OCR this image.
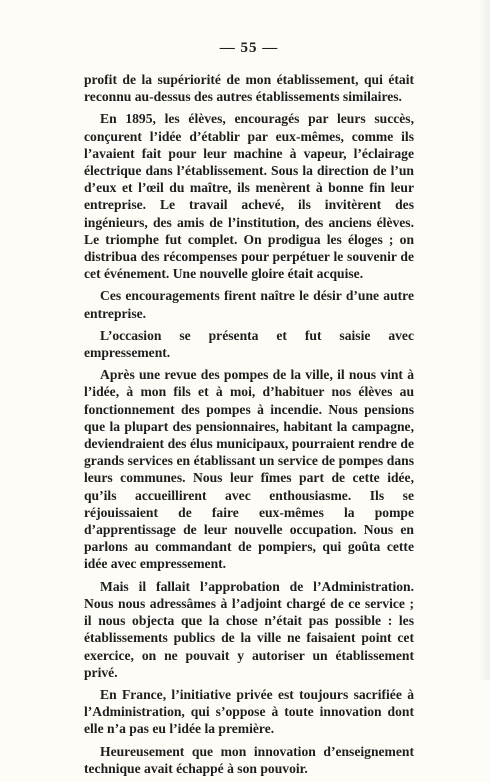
— 55 —

profit de la supériorité de mon établissement, qui était reconnu au-dessus des autres établissements similaires.

En 1895, les élèves, encouragés par leurs succès, conçurent l’idée d’établir par eux-mêmes, comme ils l’avaient fait pour leur machine à vapeur, l’éclairage électrique dans l’établissement. Sous la direction de l’un d’eux et l’œil du maître, ils menèrent à bonne fin leur entreprise. Le travail achevé, ils invitèrent des ingénieurs, des amis de l’institution, des anciens élèves. Le triomphe fut complet. On prodigua les éloges ; on distribua des récompenses pour perpétuer le souvenir de cet événement. Une nouvelle gloire était acquise.

Ces encouragements firent naître le désir d’une autre entreprise.

L’occasion se présenta et fut saisie avec empressement.

Après une revue des pompes de la ville, il nous vint à l’idée, à mon fils et à moi, d’habituer nos élèves au fonctionnement des pompes à incendie. Nous pensions que la plupart des pensionnaires, habitant la campagne, deviendraient des élus municipaux, pourraient rendre de grands services en établissant un service de pompes dans leurs communes. Nous leur fîmes part de cette idée, qu’ils accueillirent avec enthousiasme. Ils se réjouissaient de faire eux-mêmes la pompe d’apprentissage de leur nouvelle occupation. Nous en parlons au commandant de pompiers, qui goûta cette idée avec empressement.

Mais il fallait l’approbation de l’Administration. Nous nous adressâmes à l’adjoint chargé de ce service ; il nous objecta que la chose n’était pas possible : les établissements publics de la ville ne faisaient point cet exercice, on ne pouvait y autoriser un établissement privé.

En France, l’initiative privée est toujours sacrifiée à l’Administration, qui s’oppose à toute innovation dont elle n’a pas eu l’idée la première.

Heureusement que mon innovation d’enseignement technique avait échappé à son pouvoir.
